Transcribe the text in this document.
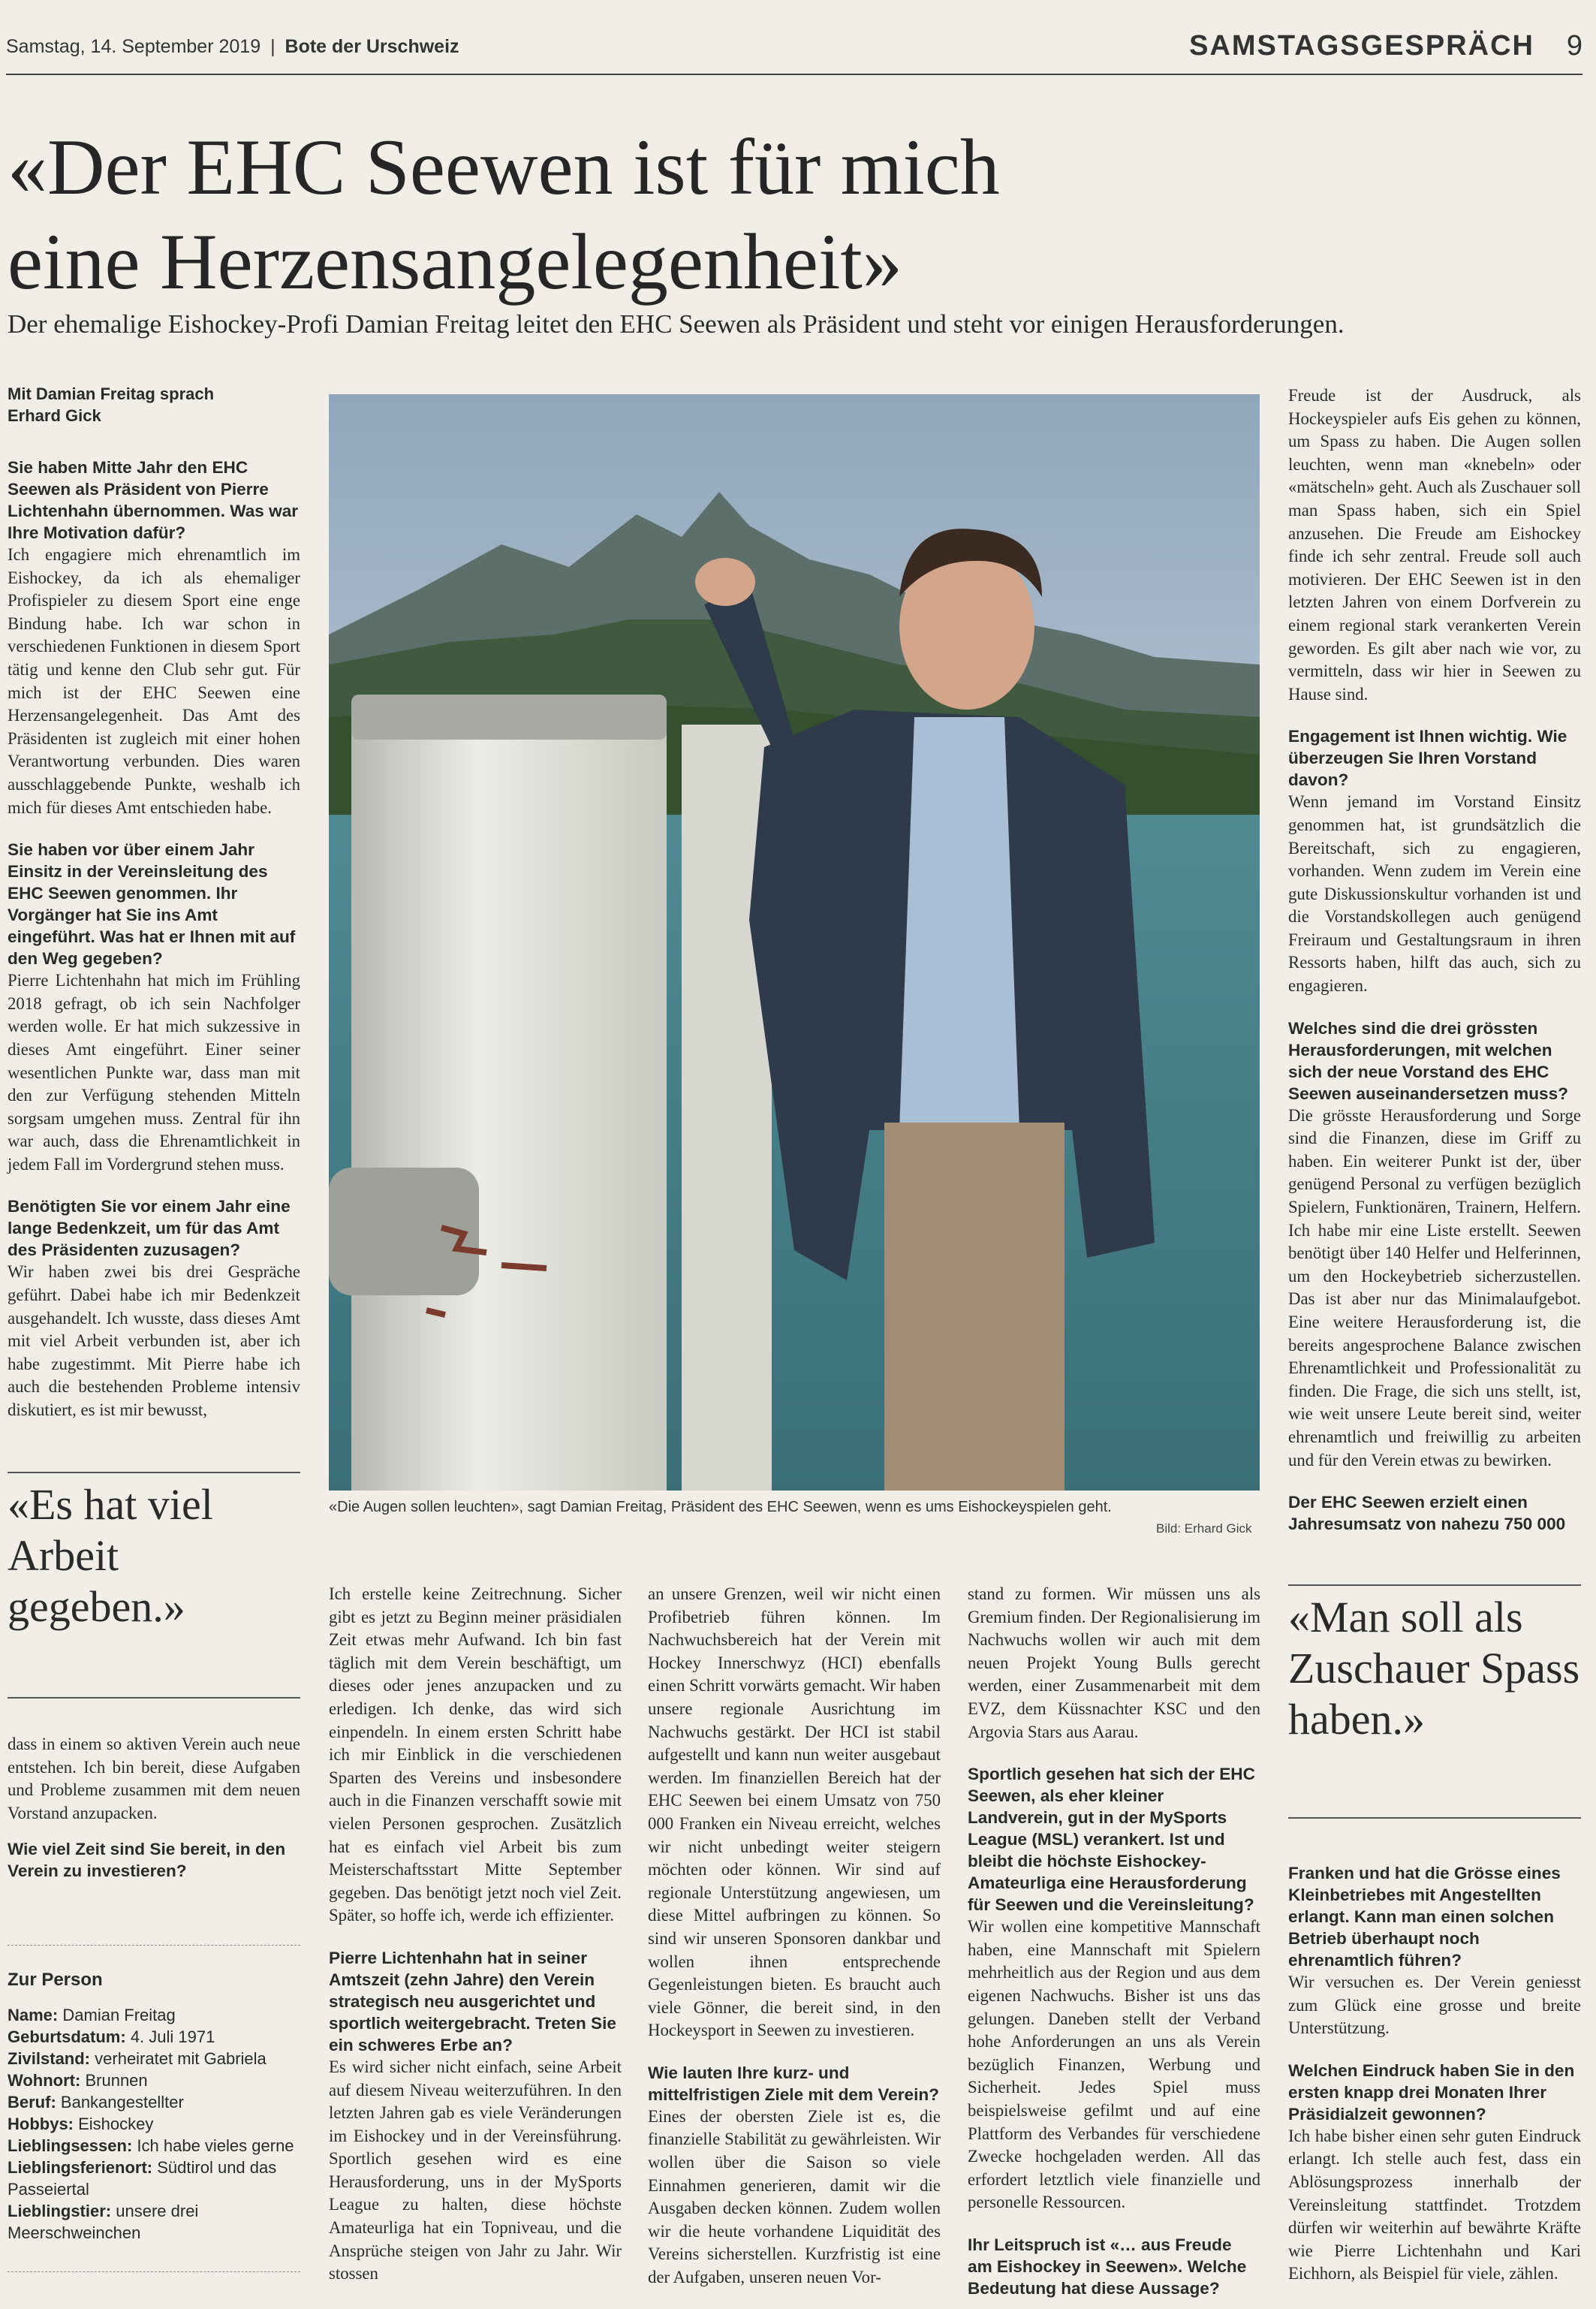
Samstag, 14. September 2019 | Bote der Urschweiz	SAMSTAGSGESPRÄCH 9
«Der EHC Seewen ist für mich
eine Herzensangelegenheit»
Der ehemalige Eishockey-Profi Damian Freitag leitet den EHC Seewen als Präsident und steht vor einigen Herausforderungen.
Mit Damian Freitag sprach
Erhard Gick
Sie haben Mitte Jahr den EHC Seewen als Präsident von Pierre Lichtenhahn übernommen. Was war Ihre Motivation dafür?
Ich engagiere mich ehrenamtlich im Eishockey, da ich als ehemaliger Profispieler zu diesem Sport eine enge Bindung habe. Ich war schon in verschiedenen Funktionen in diesem Sport tätig und kenne den Club sehr gut. Für mich ist der EHC Seewen eine Herzensangelegenheit. Das Amt des Präsidenten ist zugleich mit einer hohen Verantwortung verbunden. Dies waren ausschlaggebende Punkte, weshalb ich mich für dieses Amt entschieden habe.
Sie haben vor über einem Jahr Einsitz in der Vereinsleitung des EHC Seewen genommen. Ihr Vorgänger hat Sie ins Amt eingeführt. Was hat er Ihnen mit auf den Weg gegeben?
Pierre Lichtenhahn hat mich im Frühling 2018 gefragt, ob ich sein Nachfolger werden wolle. Er hat mich sukzessive in dieses Amt eingeführt. Einer seiner wesentlichen Punkte war, dass man mit den zur Verfügung stehenden Mitteln sorgsam umgehen muss. Zentral für ihn war auch, dass die Ehrenamtlichkeit in jedem Fall im Vordergrund stehen muss.
Benötigten Sie vor einem Jahr eine lange Bedenkzeit, um für das Amt des Präsidenten zuzusagen?
Wir haben zwei bis drei Gespräche geführt. Dabei habe ich mir Bedenkzeit ausgehandelt. Ich wusste, dass dieses Amt mit viel Arbeit verbunden ist, aber ich habe zugestimmt. Mit Pierre habe ich auch die bestehenden Probleme intensiv diskutiert, es ist mir bewusst,
«Es hat viel Arbeit gegeben.»
dass in einem so aktiven Verein auch neue entstehen. Ich bin bereit, diese Aufgaben und Probleme zusammen mit dem neuen Vorstand anzupacken.
Wie viel Zeit sind Sie bereit, in den Verein zu investieren?
Zur Person
Name: Damian Freitag
Geburtsdatum: 4. Juli 1971
Zivilstand: verheiratet mit Gabriela
Wohnort: Brunnen
Beruf: Bankangestellter
Hobbys: Eishockey
Lieblingsessen: Ich habe vieles gerne
Lieblingsferienort: Südtirol und das Passeiertal
Lieblingstier: unsere drei Meerschweinchen
«Die Augen sollen leuchten», sagt Damian Freitag, Präsident des EHC Seewen, wenn es ums Eishockeyspielen geht.
Bild: Erhard Gick
Ich erstelle keine Zeitrechnung. Sicher gibt es jetzt zu Beginn meiner präsidialen Zeit etwas mehr Aufwand. Ich bin fast täglich mit dem Verein beschäftigt, um dieses oder jenes anzupacken und zu erledigen. Ich denke, das wird sich einpendeln. In einem ersten Schritt habe ich mir Einblick in die verschiedenen Sparten des Vereins und insbesondere auch in die Finanzen verschafft sowie mit vielen Personen gesprochen. Zusätzlich hat es einfach viel Arbeit bis zum Meisterschaftsstart Mitte September gegeben. Das benötigt jetzt noch viel Zeit. Später, so hoffe ich, werde ich effizienter.
Pierre Lichtenhahn hat in seiner Amtszeit (zehn Jahre) den Verein strategisch neu ausgerichtet und sportlich weitergebracht. Treten Sie ein schweres Erbe an?
Es wird sicher nicht einfach, seine Arbeit auf diesem Niveau weiterzuführen. In den letzten Jahren gab es viele Veränderungen im Eishockey und in der Vereinsführung. Sportlich gesehen wird es eine Herausforderung, uns in der MySports League zu halten, diese höchste Amateurliga hat ein Topniveau, und die Ansprüche steigen von Jahr zu Jahr. Wir stossen
an unsere Grenzen, weil wir nicht einen Profibetrieb führen können. Im Nachwuchsbereich hat der Verein mit Hockey Innerschwyz (HCI) ebenfalls einen Schritt vorwärts gemacht. Wir haben unsere regionale Ausrichtung im Nachwuchs gestärkt. Der HCI ist stabil aufgestellt und kann nun weiter ausgebaut werden. Im finanziellen Bereich hat der EHC Seewen bei einem Umsatz von 750 000 Franken ein Niveau erreicht, welches wir nicht unbedingt weiter steigern möchten oder können. Wir sind auf regionale Unterstützung angewiesen, um diese Mittel aufbringen zu können. So sind wir unseren Sponsoren dankbar und wollen ihnen entsprechende Gegenleistungen bieten. Es braucht auch viele Gönner, die bereit sind, in den Hockeysport in Seewen zu investieren.
Wie lauten Ihre kurz- und mittelfristigen Ziele mit dem Verein?
Eines der obersten Ziele ist es, die finanzielle Stabilität zu gewährleisten. Wir wollen über die Saison so viele Einnahmen generieren, damit wir die Ausgaben decken können. Zudem wollen wir die heute vorhandene Liquidität des Vereins sicherstellen. Kurzfristig ist eine der Aufgaben, unseren neuen Vor-
stand zu formen. Wir müssen uns als Gremium finden. Der Regionalisierung im Nachwuchs wollen wir auch mit dem neuen Projekt Young Bulls gerecht werden, einer Zusammenarbeit mit dem EVZ, dem Küssnachter KSC und den Argovia Stars aus Aarau.
Sportlich gesehen hat sich der EHC Seewen, als eher kleiner Landverein, gut in der MySports League (MSL) verankert. Ist und bleibt die höchste Eishockey-Amateurliga eine Herausforderung für Seewen und die Vereinsleitung?
Wir wollen eine kompetitive Mannschaft haben, eine Mannschaft mit Spielern mehrheitlich aus der Region und aus dem eigenen Nachwuchs. Bisher ist uns das gelungen. Daneben stellt der Verband hohe Anforderungen an uns als Verein bezüglich Finanzen, Werbung und Sicherheit. Jedes Spiel muss beispielsweise gefilmt und auf eine Plattform des Verbandes für verschiedene Zwecke hochgeladen werden. All das erfordert letztlich viele finanzielle und personelle Ressourcen.
Ihr Leitspruch ist «… aus Freude am Eishockey in Seewen». Welche Bedeutung hat diese Aussage?
Freude ist der Ausdruck, als Hockeyspieler aufs Eis gehen zu können, um Spass zu haben. Die Augen sollen leuchten, wenn man «knebeln» oder «mätscheln» geht. Auch als Zuschauer soll man Spass haben, sich ein Spiel anzusehen. Die Freude am Eishockey finde ich sehr zentral. Freude soll auch motivieren. Der EHC Seewen ist in den letzten Jahren von einem Dorfverein zu einem regional stark verankerten Verein geworden. Es gilt aber nach wie vor, zu vermitteln, dass wir hier in Seewen zu Hause sind.
Engagement ist Ihnen wichtig. Wie überzeugen Sie Ihren Vorstand davon?
Wenn jemand im Vorstand Einsitz genommen hat, ist grundsätzlich die Bereitschaft, sich zu engagieren, vorhanden. Wenn zudem im Verein eine gute Diskussionskultur vorhanden ist und die Vorstandskollegen auch genügend Freiraum und Gestaltungsraum in ihren Ressorts haben, hilft das auch, sich zu engagieren.
Welches sind die drei grössten Herausforderungen, mit welchen sich der neue Vorstand des EHC Seewen auseinandersetzen muss?
Die grösste Herausforderung und Sorge sind die Finanzen, diese im Griff zu haben. Ein weiterer Punkt ist der, über genügend Personal zu verfügen bezüglich Spielern, Funktionären, Trainern, Helfern. Ich habe mir eine Liste erstellt. Seewen benötigt über 140 Helfer und Helferinnen, um den Hockeybetrieb sicherzustellen. Das ist aber nur das Minimalaufgebot. Eine weitere Herausforderung ist, die bereits angesprochene Balance zwischen Ehrenamtlichkeit und Professionalität zu finden. Die Frage, die sich uns stellt, ist, wie weit unsere Leute bereit sind, weiter ehrenamtlich und freiwillig zu arbeiten und für den Verein etwas zu bewirken.
Der EHC Seewen erzielt einen Jahresumsatz von nahezu 750 000
«Man soll als Zuschauer Spass haben.»
Franken und hat die Grösse eines Kleinbetriebes mit Angestellten erlangt. Kann man einen solchen Betrieb überhaupt noch ehrenamtlich führen?
Wir versuchen es. Der Verein geniesst zum Glück eine grosse und breite Unterstützung.
Welchen Eindruck haben Sie in den ersten knapp drei Monaten Ihrer Präsidialzeit gewonnen?
Ich habe bisher einen sehr guten Eindruck erlangt. Ich stelle auch fest, dass ein Ablösungsprozess innerhalb der Vereinsleitung stattfindet. Trotzdem dürfen wir weiterhin auf bewährte Kräfte wie Pierre Lichtenhahn und Kari Eichhorn, als Beispiel für viele, zählen.
